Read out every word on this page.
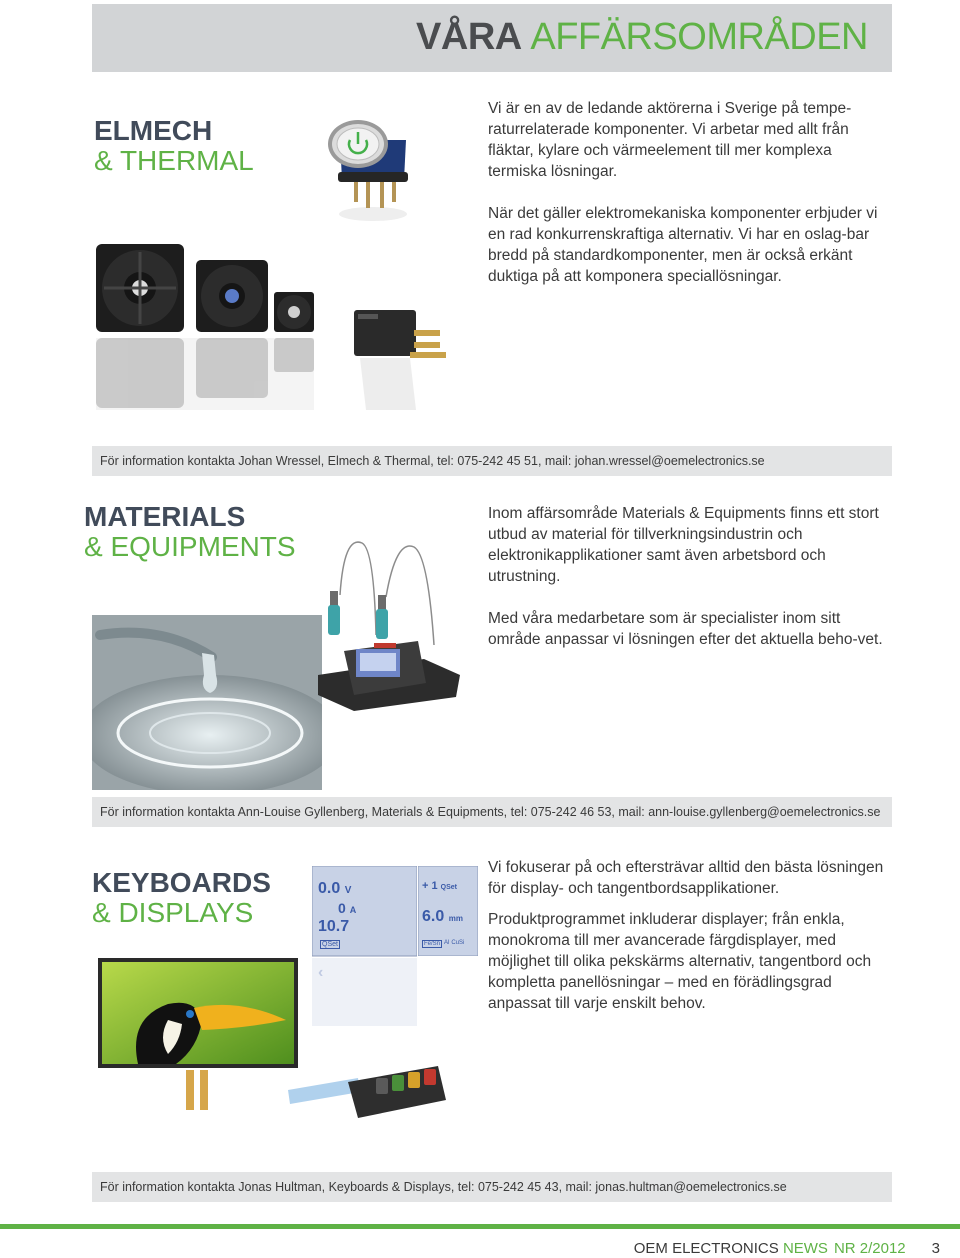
VÅRA AFFÄRSOMRÅDEN
ELMECH
& THERMAL

Vi är en av de ledande aktörerna i Sverige på tempe-raturrelaterade komponenter. Vi arbetar med allt från fläktar, kylare och värmeelement till mer komplexa termiska lösningar.

När det gäller elektromekaniska komponenter erbjuder vi en rad konkurrenskraftiga alternativ. Vi har en oslag-bar bredd på standardkomponenter, men är också erkänt duktiga på att komponera speciallösningar.

För information kontakta Johan Wressel, Elmech & Thermal, tel: 075-242 45 51, mail: johan.wressel@oemelectronics.se
MATERIALS
& EQUIPMENTS

Inom affärsområde Materials & Equipments finns ett stort utbud av material för tillverkningsindustrin och elektronikapplikationer samt även arbetsbord och utrustning.

Med våra medarbetare som är specialister inom sitt område anpassar vi lösningen efter det aktuella beho-vet.

För information kontakta Ann-Louise Gyllenberg, Materials & Equipments, tel: 075-242 46 53, mail: ann-louise.gyllenberg@oemelectronics.se
KEYBOARDS
& DISPLAYS
0.0 V
0 A
10.7
QSet
‹
+ 1 QSet
6.0 mm
Fe/Sn Al CuSi

Vi fokuserar på och eftersträvar alltid den bästa lösningen för display- och tangentbordsapplikationer.

Produktprogrammet inkluderar displayer; från enkla, monokroma till mer avancerade färgdisplayer, med möjlighet till olika pekskärms alternativ, tangentbord och kompletta panellösningar – med en förädlingsgrad anpassat till varje enskilt behov.

För information kontakta Jonas Hultman, Keyboards & Displays, tel: 075-242 45 43, mail: jonas.hultman@oemelectronics.se
OEM ELECTRONICS NEWS NR 2/2012 3
